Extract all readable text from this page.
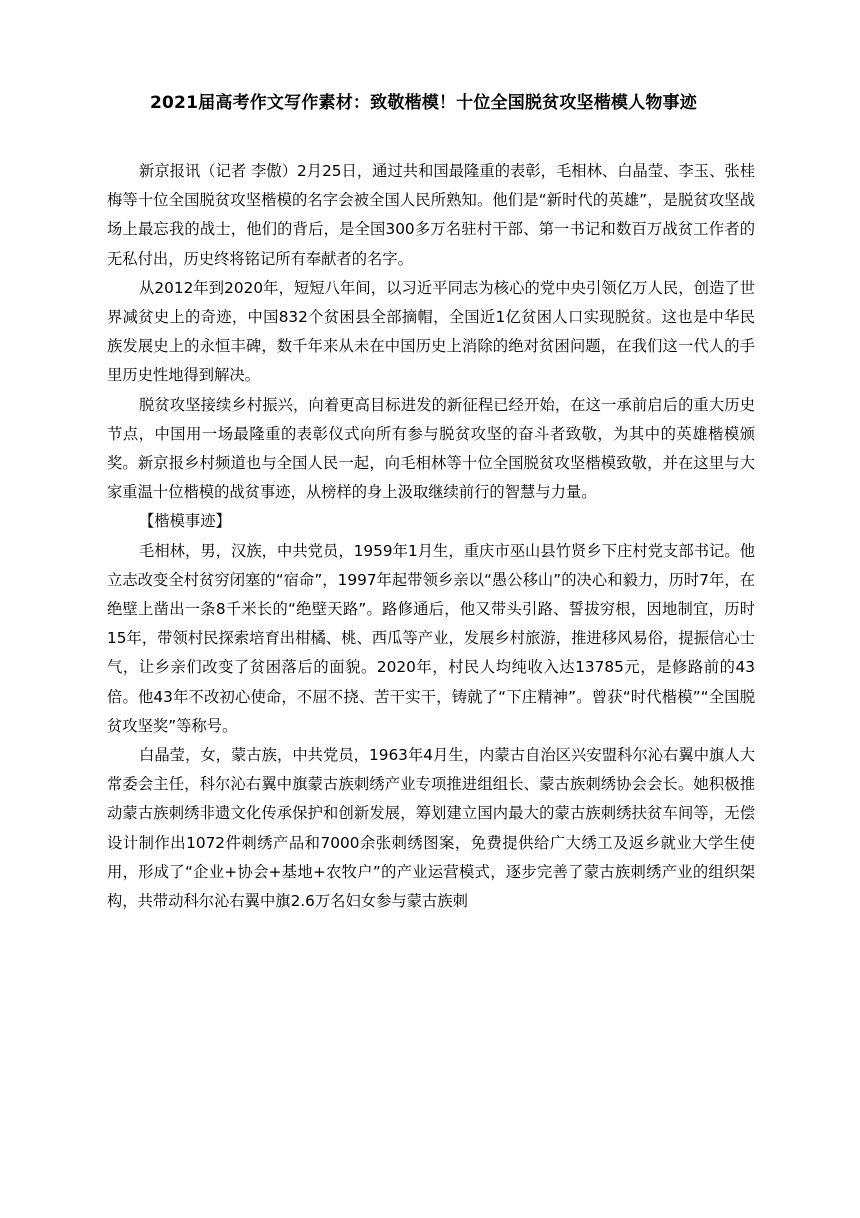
2021届高考作文写作素材：致敬楷模！十位全国脱贫攻坚楷模人物事迹

新京报讯（记者 李傲）2月25日，通过共和国最隆重的表彰，毛相林、白晶莹、李玉、张桂梅等十位全国脱贫攻坚楷模的名字会被全国人民所熟知。他们是“新时代的英雄”，是脱贫攻坚战场上最忘我的战士，他们的背后，是全国300多万名驻村干部、第一书记和数百万战贫工作者的无私付出，历史终将铭记所有奉献者的名字。

从2012年到2020年，短短八年间，以习近平同志为核心的党中央引领亿万人民，创造了世界减贫史上的奇迹，中国832个贫困县全部摘帽，全国近1亿贫困人口实现脱贫。这也是中华民族发展史上的永恒丰碑，数千年来从未在中国历史上消除的绝对贫困问题，在我们这一代人的手里历史性地得到解决。

脱贫攻坚接续乡村振兴，向着更高目标进发的新征程已经开始，在这一承前启后的重大历史节点，中国用一场最隆重的表彰仪式向所有参与脱贫攻坚的奋斗者致敬，为其中的英雄楷模颁奖。新京报乡村频道也与全国人民一起，向毛相林等十位全国脱贫攻坚楷模致敬，并在这里与大家重温十位楷模的战贫事迹，从榜样的身上汲取继续前行的智慧与力量。

【楷模事迹】

毛相林，男，汉族，中共党员，1959年1月生，重庆市巫山县竹贤乡下庄村党支部书记。他立志改变全村贫穷闭塞的“宿命”，1997年起带领乡亲以“愚公移山”的决心和毅力，历时7年，在绝壁上凿出一条8千米长的“绝壁天路”。路修通后，他又带头引路、誓拔穷根，因地制宜，历时15年，带领村民探索培育出柑橘、桃、西瓜等产业，发展乡村旅游，推进移风易俗，提振信心士气，让乡亲们改变了贫困落后的面貌。2020年，村民人均纯收入达13785元，是修路前的43倍。他43年不改初心使命，不屈不挠、苦干实干，铸就了“下庄精神”。曾获“时代楷模”“全国脱贫攻坚奖”等称号。

白晶莹，女，蒙古族，中共党员，1963年4月生，内蒙古自治区兴安盟科尔沁右翼中旗人大常委会主任，科尔沁右翼中旗蒙古族刺绣产业专项推进组组长、蒙古族刺绣协会会长。她积极推动蒙古族刺绣非遗文化传承保护和创新发展，筹划建立国内最大的蒙古族刺绣扶贫车间等，无偿设计制作出1072件刺绣产品和7000余张刺绣图案，免费提供给广大绣工及返乡就业大学生使用，形成了“企业+协会+基地+农牧户”的产业运营模式，逐步完善了蒙古族刺绣产业的组织架构，共带动科尔沁右翼中旗2.6万名妇女参与蒙古族刺
